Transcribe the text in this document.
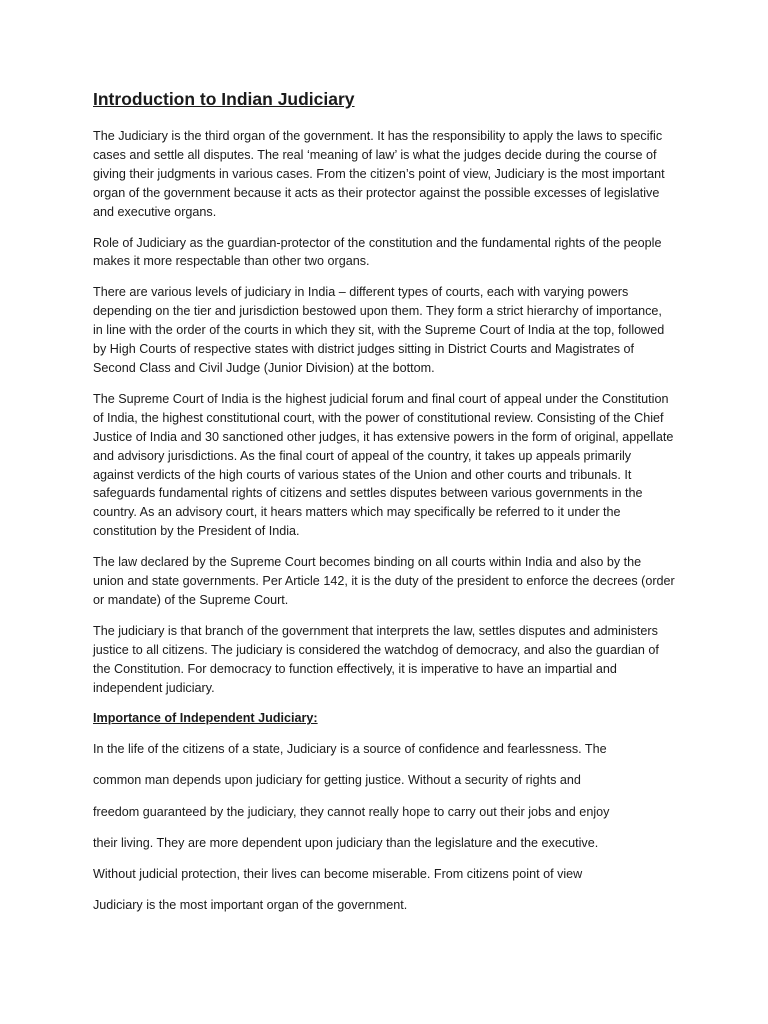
Introduction to Indian Judiciary

The Judiciary is the third organ of the government. It has the responsibility to apply the laws to specific cases and settle all disputes. The real ‘meaning of law’ is what the judges decide during the course of giving their judgments in various cases. From the citizen’s point of view, Judiciary is the most important organ of the government because it acts as their protector against the possible excesses of legislative and executive organs.

Role of Judiciary as the guardian-protector of the constitution and the fundamental rights of the people makes it more respectable than other two organs.

There are various levels of judiciary in India – different types of courts, each with varying powers depending on the tier and jurisdiction bestowed upon them. They form a strict hierarchy of importance, in line with the order of the courts in which they sit, with the Supreme Court of India at the top, followed by High Courts of respective states with district judges sitting in District Courts and Magistrates of Second Class and Civil Judge (Junior Division) at the bottom.

The Supreme Court of India is the highest judicial forum and final court of appeal under the Constitution of India, the highest constitutional court, with the power of constitutional review. Consisting of the Chief Justice of India and 30 sanctioned other judges, it has extensive powers in the form of original, appellate and advisory jurisdictions. As the final court of appeal of the country, it takes up appeals primarily against verdicts of the high courts of various states of the Union and other courts and tribunals. It safeguards fundamental rights of citizens and settles disputes between various governments in the country. As an advisory court, it hears matters which may specifically be referred to it under the constitution by the President of India.

The law declared by the Supreme Court becomes binding on all courts within India and also by the union and state governments. Per Article 142, it is the duty of the president to enforce the decrees (order or mandate) of the Supreme Court.

The judiciary is that branch of the government that interprets the law, settles disputes and administers justice to all citizens. The judiciary is considered the watchdog of democracy, and also the guardian of the Constitution. For democracy to function effectively, it is imperative to have an impartial and independent judiciary.

Importance of Independent Judiciary:

In the life of the citizens of a state, Judiciary is a source of confidence and fearlessness. The

common man depends upon judiciary for getting justice. Without a security of rights and

freedom guaranteed by the judiciary, they cannot really hope to carry out their jobs and enjoy

their living. They are more dependent upon judiciary than the legislature and the executive.

Without judicial protection, their lives can become miserable. From citizens point of view

Judiciary is the most important organ of the government.
